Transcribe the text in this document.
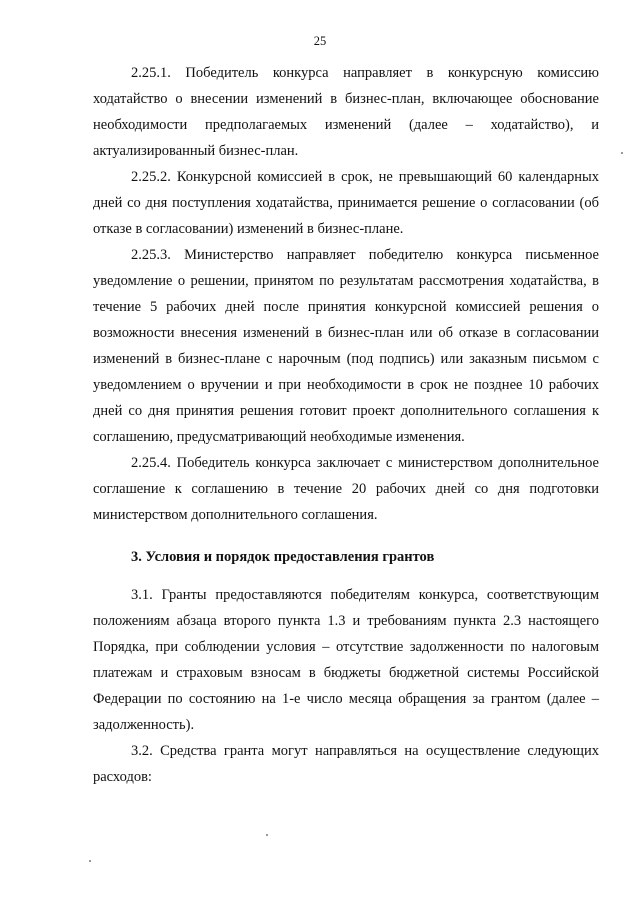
25

2.25.1. Победитель конкурса направляет в конкурсную комиссию ходатайство о внесении изменений в бизнес-план, включающее обоснование необходимости предполагаемых изменений (далее – ходатайство), и актуализированный бизнес-план.

2.25.2. Конкурсной комиссией в срок, не превышающий 60 календарных дней со дня поступления ходатайства, принимается решение о согласовании (об отказе в согласовании) изменений в бизнес-плане.

2.25.3. Министерство направляет победителю конкурса письменное уведомление о решении, принятом по результатам рассмотрения ходатайства, в течение 5 рабочих дней после принятия конкурсной комиссией решения о возможности внесения изменений в бизнес-план или об отказе в согласовании изменений в бизнес-плане с нарочным (под подпись) или заказным письмом с уведомлением о вручении и при необходимости в срок не позднее 10 рабочих дней со дня принятия решения готовит проект дополнительного соглашения к соглашению, предусматривающий необходимые изменения.

2.25.4. Победитель конкурса заключает с министерством дополнительное соглашение к соглашению в течение 20 рабочих дней со дня подготовки министерством дополнительного соглашения.

3. Условия и порядок предоставления грантов

3.1. Гранты предоставляются победителям конкурса, соответствующим положениям абзаца второго пункта 1.3 и требованиям пункта 2.3 настоящего Порядка, при соблюдении условия – отсутствие задолженности по налоговым платежам и страховым взносам в бюджеты бюджетной системы Российской Федерации по состоянию на 1-е число месяца обращения за грантом (далее – задолженность).

3.2. Средства гранта могут направляться на осуществление следующих расходов:
